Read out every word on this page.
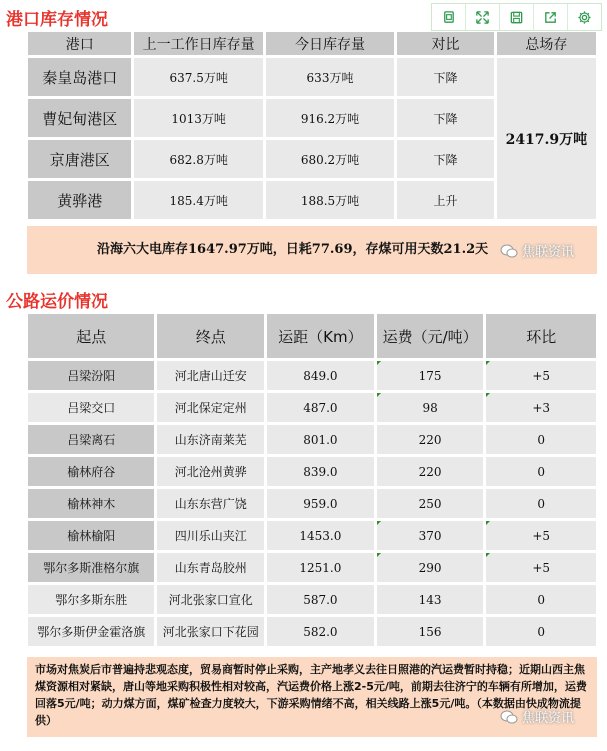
港口库存情况
港口	上一工作日库存量	今日库存量	对比	总场存
秦皇岛港口	637.5万吨	633万吨	下降	2417.9万吨
曹妃甸港区	1013万吨	916.2万吨	下降	
京唐港区	682.8万吨	680.2万吨	下降	
黄骅港	185.4万吨	188.5万吨	上升	
沿海六大电库存1647.97万吨，日耗77.69，存煤可用天数21.2天	焦联资讯
公路运价情况
起点	终点	运距（Km）	运费（元/吨）	环比
吕梁汾阳	河北唐山迁安	849.0	175	+5
吕梁交口	河北保定定州	487.0	98	+3
吕梁离石	山东济南莱芜	801.0	220	0
榆林府谷	河北沧州黄骅	839.0	220	0
榆林神木	山东东营广饶	959.0	250	0
榆林榆阳	四川乐山夹江	1453.0	370	+5
鄂尔多斯准格尔旗	山东青岛胶州	1251.0	290	+5
鄂尔多斯东胜	河北张家口宣化	587.0	143	0
鄂尔多斯伊金霍洛旗	河北张家口下花园	582.0	156	0
市场对焦炭后市普遍持悲观态度，贸易商暂时停止采购，主产地孝义去往日照港的汽运费暂时持稳；近期山西主焦煤资源相对紧缺，唐山等地采购积极性相对较高，汽运费价格上涨2-5元/吨，前期去往济宁的车辆有所增加，运费回落5元/吨；动力煤方面，煤矿检查力度较大，下游采购情绪不高，相关线路上涨5元/吨。（本数据由快成物流提供）	焦联资讯
